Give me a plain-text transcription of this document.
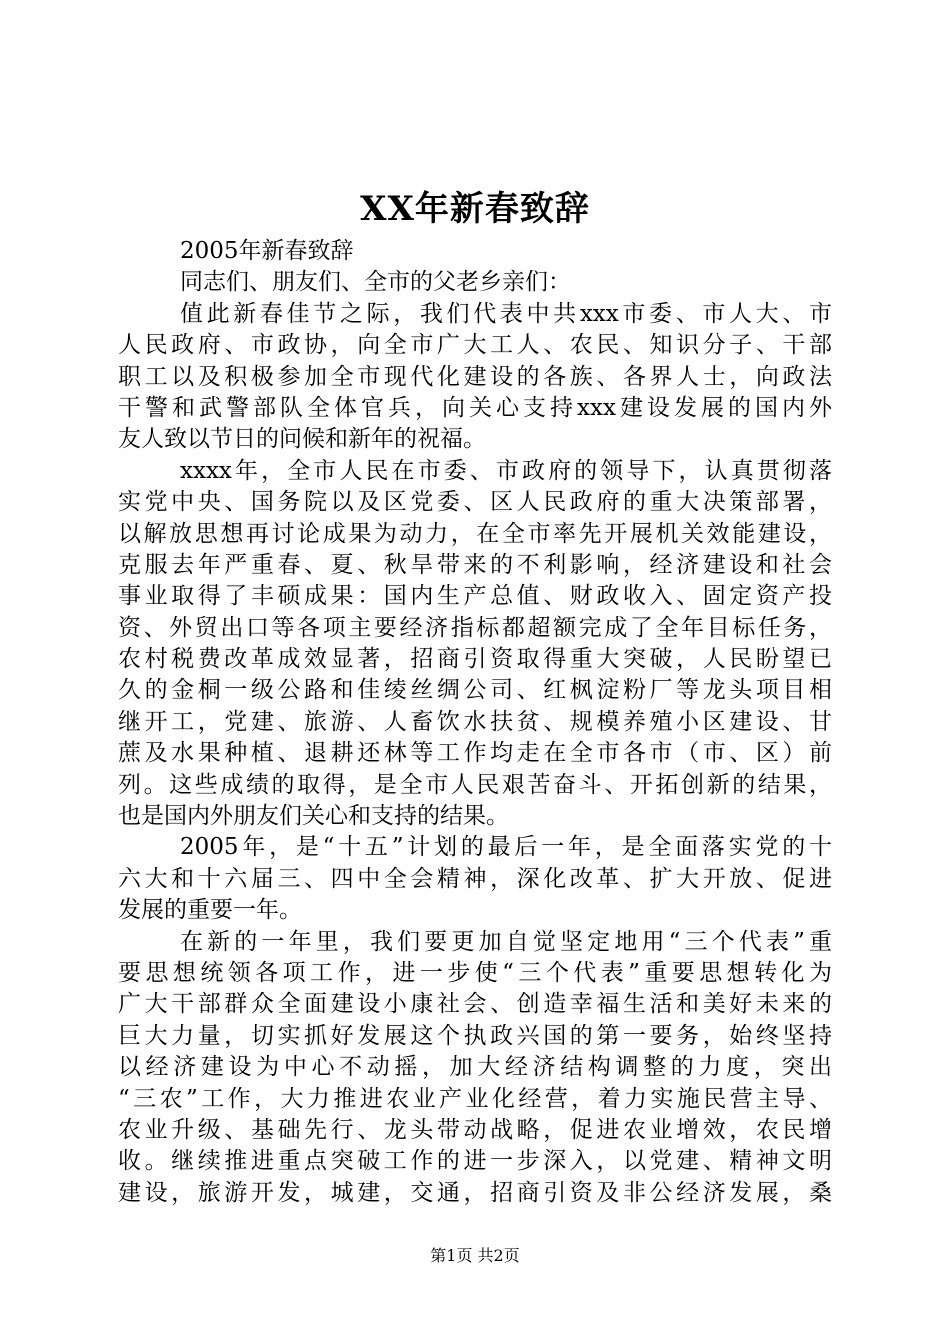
XX年新春致辞
2005年新春致辞
同志们、朋友们、全市的父老乡亲们：
值此新春佳节之际，我们代表中共xxx市委、市人大、市
人民政府、市政协，向全市广大工人、农民、知识分子、干部
职工以及积极参加全市现代化建设的各族、各界人士，向政法
干警和武警部队全体官兵，向关心支持xxx建设发展的国内外
友人致以节日的问候和新年的祝福。
xxxx年，全市人民在市委、市政府的领导下，认真贯彻落
实党中央、国务院以及区党委、区人民政府的重大决策部署，
以解放思想再讨论成果为动力，在全市率先开展机关效能建设，
克服去年严重春、夏、秋旱带来的不利影响，经济建设和社会
事业取得了丰硕成果：国内生产总值、财政收入、固定资产投
资、外贸出口等各项主要经济指标都超额完成了全年目标任务，
农村税费改革成效显著，招商引资取得重大突破，人民盼望已
久的金桐一级公路和佳绫丝绸公司、红枫淀粉厂等龙头项目相
继开工，党建、旅游、人畜饮水扶贫、规模养殖小区建设、甘
蔗及水果种植、退耕还林等工作均走在全市各市（市、区）前
列。这些成绩的取得，是全市人民艰苦奋斗、开拓创新的结果，
也是国内外朋友们关心和支持的结果。
2005年，是“十五”计划的最后一年，是全面落实党的十
六大和十六届三、四中全会精神，深化改革、扩大开放、促进
发展的重要一年。
在新的一年里，我们要更加自觉坚定地用“三个代表”重
要思想统领各项工作，进一步使“三个代表”重要思想转化为
广大干部群众全面建设小康社会、创造幸福生活和美好未来的
巨大力量，切实抓好发展这个执政兴国的第一要务，始终坚持
以经济建设为中心不动摇，加大经济结构调整的力度，突出
“三农”工作，大力推进农业产业化经营，着力实施民营主导、
农业升级、基础先行、龙头带动战略，促进农业增效，农民增
收。继续推进重点突破工作的进一步深入，以党建、精神文明
建设，旅游开发，城建，交通，招商引资及非公经济发展，桑
第1页 共2页
